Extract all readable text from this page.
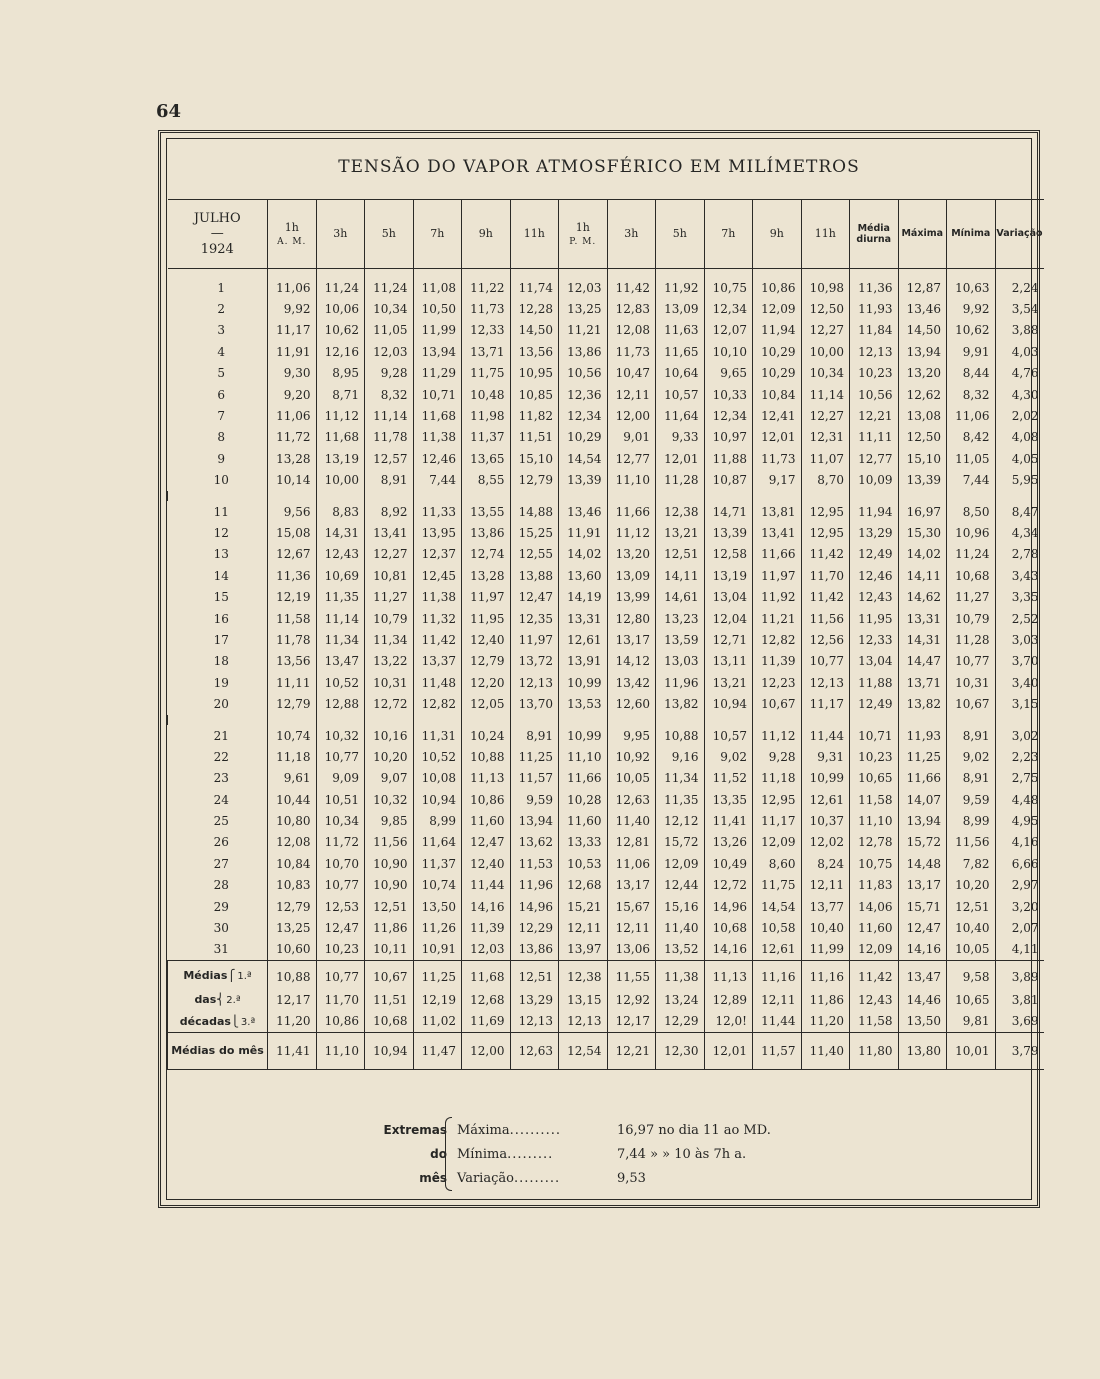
64
TENSÃO DO VAPOR ATMOSFÉRICO EM MILÍMETROS
JULHO
—
1924	1h
A. M.	3h	5h	7h	9h	11h	1h
P. M.	3h	5h	7h	9h	11h	Média diurna	Máxima	Mínima	Variação
1	11,06	11,24	11,24	11,08	11,22	11,74	12,03	11,42	11,92	10,75	10,86	10,98	11,36	12,87	10,63	2,24
2	9,92	10,06	10,34	10,50	11,73	12,28	13,25	12,83	13,09	12,34	12,09	12,50	11,93	13,46	9,92	3,54
3	11,17	10,62	11,05	11,99	12,33	14,50	11,21	12,08	11,63	12,07	11,94	12,27	11,84	14,50	10,62	3,88
4	11,91	12,16	12,03	13,94	13,71	13,56	13,86	11,73	11,65	10,10	10,29	10,00	12,13	13,94	9,91	4,03
5	9,30	8,95	9,28	11,29	11,75	10,95	10,56	10,47	10,64	9,65	10,29	10,34	10,23	13,20	8,44	4,76
6	9,20	8,71	8,32	10,71	10,48	10,85	12,36	12,11	10,57	10,33	10,84	11,14	10,56	12,62	8,32	4,30
7	11,06	11,12	11,14	11,68	11,98	11,82	12,34	12,00	11,64	12,34	12,41	12,27	12,21	13,08	11,06	2,02
8	11,72	11,68	11,78	11,38	11,37	11,51	10,29	9,01	9,33	10,97	12,01	12,31	11,11	12,50	8,42	4,08
9	13,28	13,19	12,57	12,46	13,65	15,10	14,54	12,77	12,01	11,88	11,73	11,07	12,77	15,10	11,05	4,05
10	10,14	10,00	8,91	7,44	8,55	12,79	13,39	11,10	11,28	10,87	9,17	8,70	10,09	13,39	7,44	5,95

11	9,56	8,83	8,92	11,33	13,55	14,88	13,46	11,66	12,38	14,71	13,81	12,95	11,94	16,97	8,50	8,47
12	15,08	14,31	13,41	13,95	13,86	15,25	11,91	11,12	13,21	13,39	13,41	12,95	13,29	15,30	10,96	4,34
13	12,67	12,43	12,27	12,37	12,74	12,55	14,02	13,20	12,51	12,58	11,66	11,42	12,49	14,02	11,24	2,78
14	11,36	10,69	10,81	12,45	13,28	13,88	13,60	13,09	14,11	13,19	11,97	11,70	12,46	14,11	10,68	3,43
15	12,19	11,35	11,27	11,38	11,97	12,47	14,19	13,99	14,61	13,04	11,92	11,42	12,43	14,62	11,27	3,35
16	11,58	11,14	10,79	11,32	11,95	12,35	13,31	12,80	13,23	12,04	11,21	11,56	11,95	13,31	10,79	2,52
17	11,78	11,34	11,34	11,42	12,40	11,97	12,61	13,17	13,59	12,71	12,82	12,56	12,33	14,31	11,28	3,03
18	13,56	13,47	13,22	13,37	12,79	13,72	13,91	14,12	13,03	13,11	11,39	10,77	13,04	14,47	10,77	3,70
19	11,11	10,52	10,31	11,48	12,20	12,13	10,99	13,42	11,96	13,21	12,23	12,13	11,88	13,71	10,31	3,40
20	12,79	12,88	12,72	12,82	12,05	13,70	13,53	12,60	13,82	10,94	10,67	11,17	12,49	13,82	10,67	3,15

21	10,74	10,32	10,16	11,31	10,24	8,91	10,99	9,95	10,88	10,57	11,12	11,44	10,71	11,93	8,91	3,02
22	11,18	10,77	10,20	10,52	10,88	11,25	11,10	10,92	9,16	9,02	9,28	9,31	10,23	11,25	9,02	2,23
23	9,61	9,09	9,07	10,08	11,13	11,57	11,66	10,05	11,34	11,52	11,18	10,99	10,65	11,66	8,91	2,75
24	10,44	10,51	10,32	10,94	10,86	9,59	10,28	12,63	11,35	13,35	12,95	12,61	11,58	14,07	9,59	4,48
25	10,80	10,34	9,85	8,99	11,60	13,94	11,60	11,40	12,12	11,41	11,17	10,37	11,10	13,94	8,99	4,95
26	12,08	11,72	11,56	11,64	12,47	13,62	13,33	12,81	15,72	13,26	12,09	12,02	12,78	15,72	11,56	4,16
27	10,84	10,70	10,90	11,37	12,40	11,53	10,53	11,06	12,09	10,49	8,60	8,24	10,75	14,48	7,82	6,66
28	10,83	10,77	10,90	10,74	11,44	11,96	12,68	13,17	12,44	12,72	11,75	12,11	11,83	13,17	10,20	2,97
29	12,79	12,53	12,51	13,50	14,16	14,96	15,21	15,67	15,16	14,96	14,54	13,77	14,06	15,71	12,51	3,20
30	13,25	12,47	11,86	11,26	11,39	12,29	12,11	12,11	11,40	10,68	10,58	10,40	11,60	12,47	10,40	2,07
31	10,60	10,23	10,11	10,91	12,03	13,86	13,97	13,06	13,52	14,16	12,61	11,99	12,09	14,16	10,05	4,11
Médias⎧ 1.ª	10,88	10,77	10,67	11,25	11,68	12,51	12,38	11,55	11,38	11,13	11,16	11,16	11,42	13,47	9,58	3,89
das⎨ 2.ª	12,17	11,70	11,51	12,19	12,68	13,29	13,15	12,92	13,24	12,89	12,11	11,86	12,43	14,46	10,65	3,81
décadas⎩ 3.ª	11,20	10,86	10,68	11,02	11,69	12,13	12,13	12,17	12,29	12,0!	11,44	11,20	11,58	13,50	9,81	3,69
Médias do mês	11,41	11,10	10,94	11,47	12,00	12,63	12,54	12,21	12,30	12,01	11,57	11,40	11,80	13,80	10,01	3,79
Extremas
do
mês
Máxima..........
Mínima.........
Variação.........
16,97 no dia 11 ao MD.
7,44 » » 10 às 7h a.
9,53
